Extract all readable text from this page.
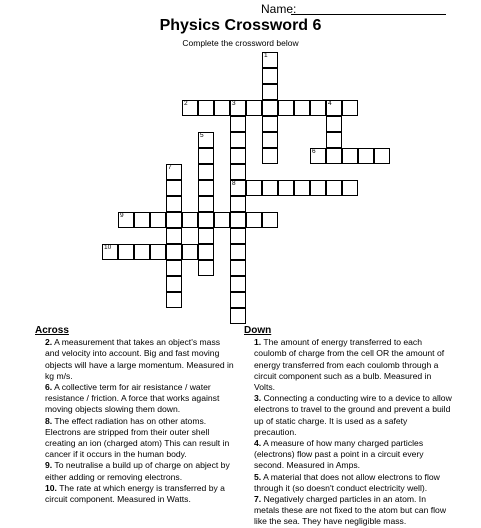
Name:
Physics Crossword 6
Complete the crossword below
1
2	3	4
8
5
6
7
9
10
Across

2. A measurement that takes an object's mass and velocity into account. Big and fast moving objects will have a large momentum. Measured in kg m/s.

6. A collective term for air resistance / water resistance / friction. A force that works against moving objects slowing them down.

8. The effect radiation has on other atoms. Electrons are stripped from their outer shell creating an ion (charged atom) This can result in cancer if it occurs in the human body.

9. To neutralise a build up of charge on abject by either adding or removing electrons.

10. The rate at which energy is transferred by a circuit component. Measured in Watts.

Down

1. The amount of energy transferred to each coulomb of charge from the cell OR the amount of energy transferred from each coulomb through a circuit component such as a bulb. Measured in Volts.

3. Connecting a conducting wire to a device to allow electrons to travel to the ground and prevent a build up of static charge. It is used as a safety precaution.

4. A measure of how many charged particles (electrons) flow past a point in a circuit every second. Measured in Amps.

5. A material that does not allow electrons to flow through it (so doesn't conduct electricity well).

7. Negatively charged particles in an atom. In metals these are not fixed to the atom but can flow like the sea. They have negligible mass.
